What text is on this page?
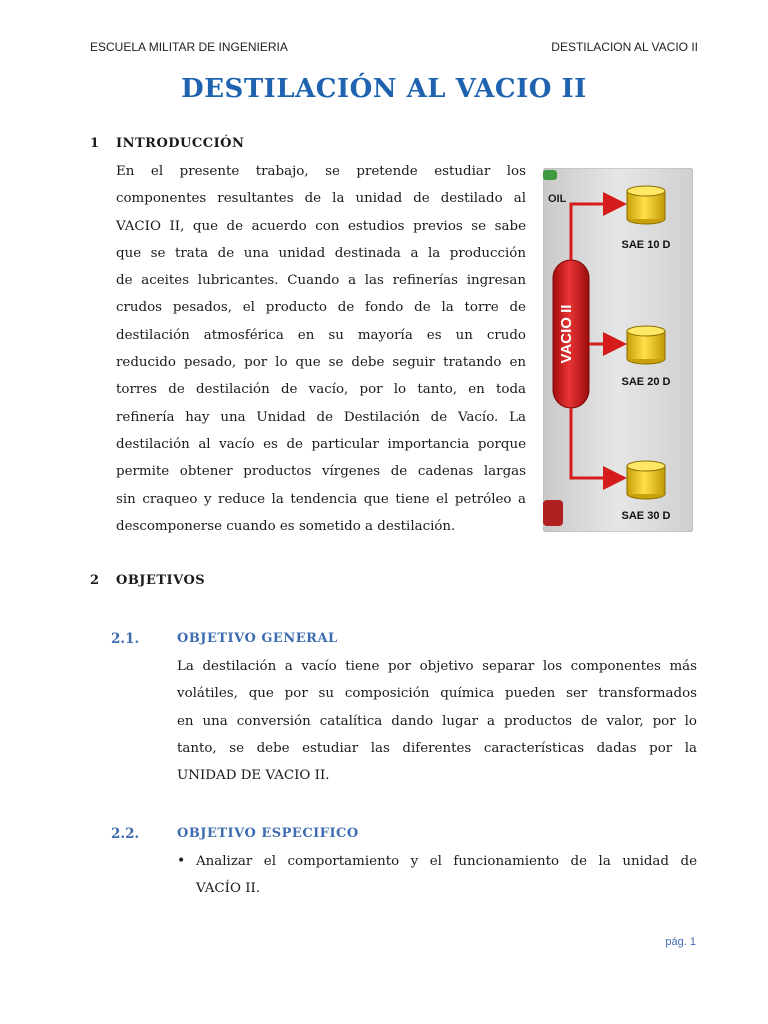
ESCUELA MILITAR DE INGENIERIA	DESTILACION AL VACIO II
DESTILACIÓN AL VACIO II
1 INTRODUCCIÓN
En el presente trabajo, se pretende estudiar los
componentes resultantes de la unidad de destilado al
VACIO II, que de acuerdo con estudios previos se sabe
que se trata de una unidad destinada a la producción
de aceites lubricantes. Cuando a las refinerías ingresan
crudos pesados, el producto de fondo de la torre de
destilación atmosférica en su mayoría es un crudo
reducido pesado, por lo que se debe seguir tratando en
torres de destilación de vacío, por lo tanto, en toda
refinería hay una Unidad de Destilación de Vacío. La
destilación al vacío es de particular importancia porque
permite obtener productos vírgenes de cadenas largas
sin craqueo y reduce la tendencia que tiene el petróleo a
descomponerse cuando es sometido a destilación.
OIL
VACIO II
SAE 10 D
SAE 20 D
SAE 30 D
2 OBJETIVOS
2.1.	OBJETIVO GENERAL
La destilación a vacío tiene por objetivo separar los componentes más
volátiles, que por su composición química pueden ser transformados
en una conversión catalítica dando lugar a productos de valor, por lo
tanto, se debe estudiar las diferentes características dadas por la
UNIDAD DE VACIO II.
2.2.	OBJETIVO ESPECIFICO
• Analizar el comportamiento y el funcionamiento de la unidad de
VACÍO II.
pág. 1
